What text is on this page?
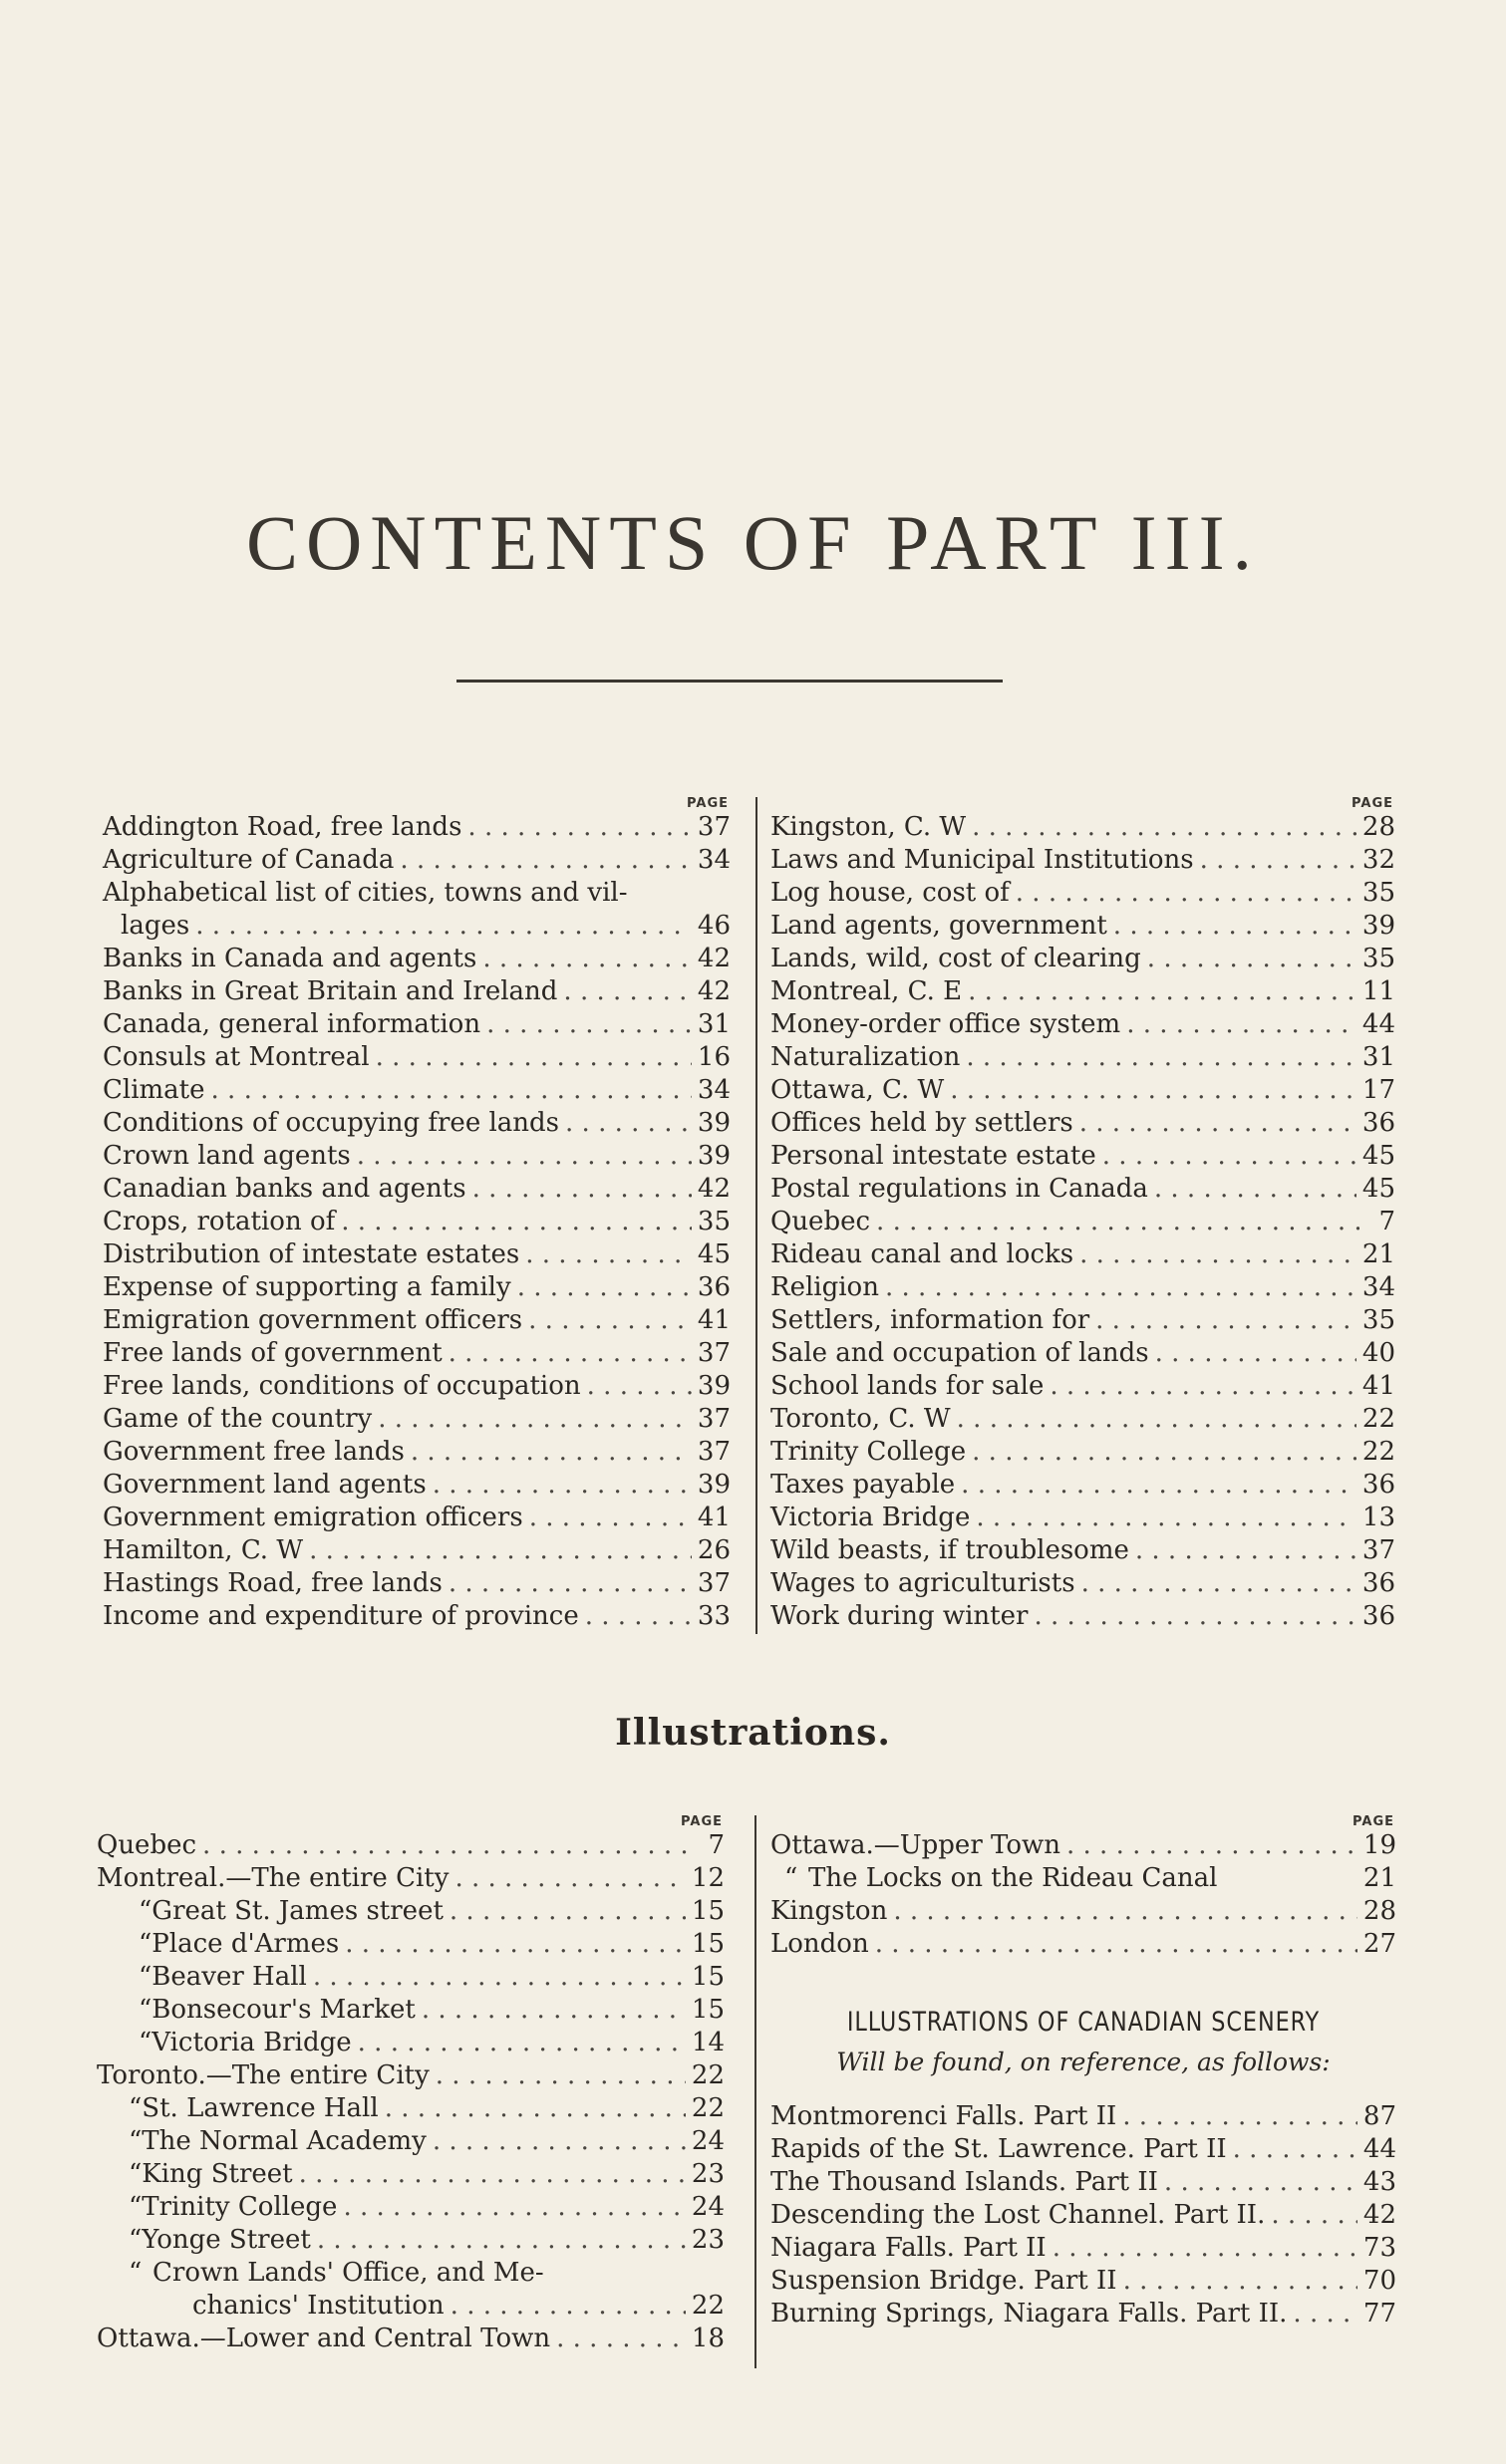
CONTENTS OF PART III.
PAGE
Addington Road, free lands . . .	37
Agriculture of Canada . . .	34
Alphabetical list of cities, towns and vil-
lages . . .	46
Banks in Canada and agents . . .	42
Banks in Great Britain and Ireland . . .	42
Canada, general information . . .	31
Consuls at Montreal . . .	16
Climate . . .	34
Conditions of occupying free lands . . .	39
Crown land agents . . .	39
Canadian banks and agents . . .	42
Crops, rotation of . . .	35
Distribution of intestate estates . . .	45
Expense of supporting a family . . .	36
Emigration government officers . . .	41
Free lands of government . . .	37
Free lands, conditions of occupation . . .	39
Game of the country . . .	37
Government free lands . . .	37
Government land agents . . .	39
Government emigration officers . . .	41
Hamilton, C. W . . .	26
Hastings Road, free lands . . .	37
Income and expenditure of province . . .	33
PAGE
Kingston, C. W . . .	28
Laws and Municipal Institutions . . .	32
Log house, cost of . . .	35
Land agents, government . . .	39
Lands, wild, cost of clearing . . .	35
Montreal, C. E . . .	11
Money-order office system . . .	44
Naturalization . . .	31
Ottawa, C. W . . .	17
Offices held by settlers . . .	36
Personal intestate estate . . .	45
Postal regulations in Canada . . .	45
Quebec . . .	7
Rideau canal and locks . . .	21
Religion . . .	34
Settlers, information for . . .	35
Sale and occupation of lands . . .	40
School lands for sale . . .	41
Toronto, C. W . . .	22
Trinity College . . .	22
Taxes payable . . .	36
Victoria Bridge . . .	13
Wild beasts, if troublesome . . .	37
Wages to agriculturists . . .	36
Work during winter . . .	36
Illustrations.
PAGE
Quebec . . .	7
Montreal.—The entire City . . .	12
“ Great St. James street . . .	15
“ Place d'Armes . . .	15
“ Beaver Hall . . .	15
“ Bonsecour's Market . . .	15
“ Victoria Bridge . . .	14
Toronto.—The entire City . . .	22
“ St. Lawrence Hall . . .	22
“ The Normal Academy . . .	24
“ King Street . . .	23
“ Trinity College . . .	24
“ Yonge Street . . .	23
“ Crown Lands' Office, and Me-
chanics' Institution . . .	22
Ottawa.—Lower and Central Town . . .	18
PAGE
Ottawa.—Upper Town . . .	19
“ The Locks on the Rideau Canal	21
Kingston . . .	28
London . . .	27
ILLUSTRATIONS OF CANADIAN SCENERY
Will be found, on reference, as follows:
Montmorenci Falls. Part II . . .	87
Rapids of the St. Lawrence. Part II . . .	44
The Thousand Islands. Part II . . .	43
Descending the Lost Channel. Part II. . . .	42
Niagara Falls. Part II . . .	73
Suspension Bridge. Part II . . .	70
Burning Springs, Niagara Falls. Part II. . . .	77
